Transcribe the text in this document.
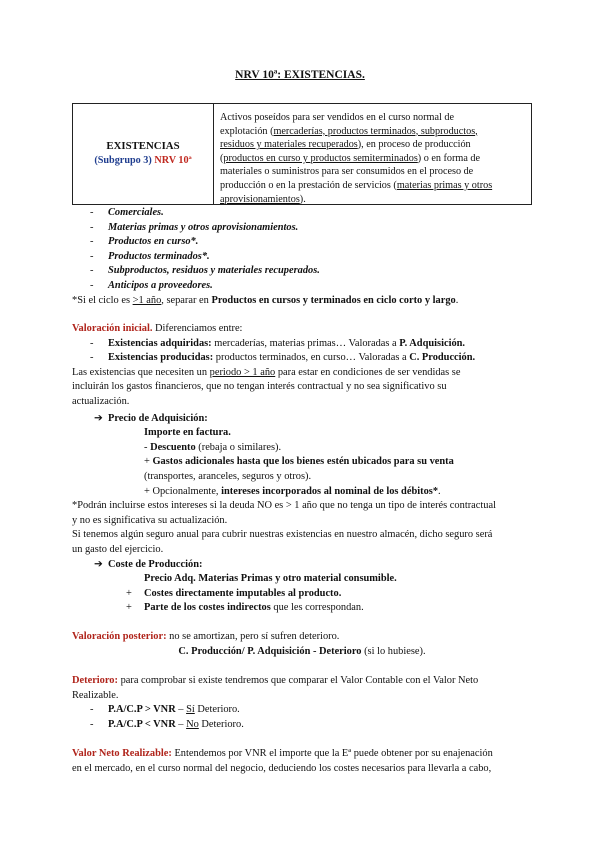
NRV 10ª: EXISTENCIAS.
EXISTENCIAS
(Subgrupo 3) NRV 10ª
Activos poseídos para ser vendidos en el curso normal de
explotación (mercaderías, productos terminados, subproductos,
residuos y materiales recuperados), en proceso de producción
(productos en curso y productos semiterminados) o en forma de
materiales o suministros para ser consumidos en el proceso de
producción o en la prestación de servicios (materias primas y otros
aprovisionamientos).
- Comerciales.
- Materias primas y otros aprovisionamientos.
- Productos en curso*.
- Productos terminados*.
- Subproductos, residuos y materiales recuperados.
- Anticipos a proveedores.
*Si el ciclo es >1 año, separar en Productos en cursos y terminados en ciclo corto y largo.
Valoración inicial. Diferenciamos entre:
- Existencias adquiridas: mercaderías, materias primas… Valoradas a P. Adquisición.
- Existencias producidas: productos terminados, en curso… Valoradas a C. Producción.
Las existencias que necesiten un periodo > 1 año para estar en condiciones de ser vendidas se
incluirán los gastos financieros, que no tengan interés contractual y no sea significativo su
actualización.
➔ Precio de Adquisición:
Importe en factura.
- Descuento (rebaja o similares).
+ Gastos adicionales hasta que los bienes estén ubicados para su venta
(transportes, aranceles, seguros y otros).
+ Opcionalmente, intereses incorporados al nominal de los débitos*.
*Podrán incluirse estos intereses si la deuda NO es > 1 año que no tenga un tipo de interés contractual
y no es significativa su actualización.
Si tenemos algún seguro anual para cubrir nuestras existencias en nuestro almacén, dicho seguro será
un gasto del ejercicio.
➔ Coste de Producción:
Precio Adq. Materias Primas y otro material consumible.
+ Costes directamente imputables al producto.
+ Parte de los costes indirectos que les correspondan.
Valoración posterior: no se amortizan, pero sí sufren deterioro.
C. Producción/ P. Adquisición - Deterioro (si lo hubiese).
Deterioro: para comprobar si existe tendremos que comparar el Valor Contable con el Valor Neto
Realizable.
- P.A/C.P > VNR – Sí Deterioro.
- P.A/C.P < VNR – No Deterioro.
Valor Neto Realizable: Entendemos por VNR el importe que la Eª puede obtener por su enajenación
en el mercado, en el curso normal del negocio, deduciendo los costes necesarios para llevarla a cabo,
